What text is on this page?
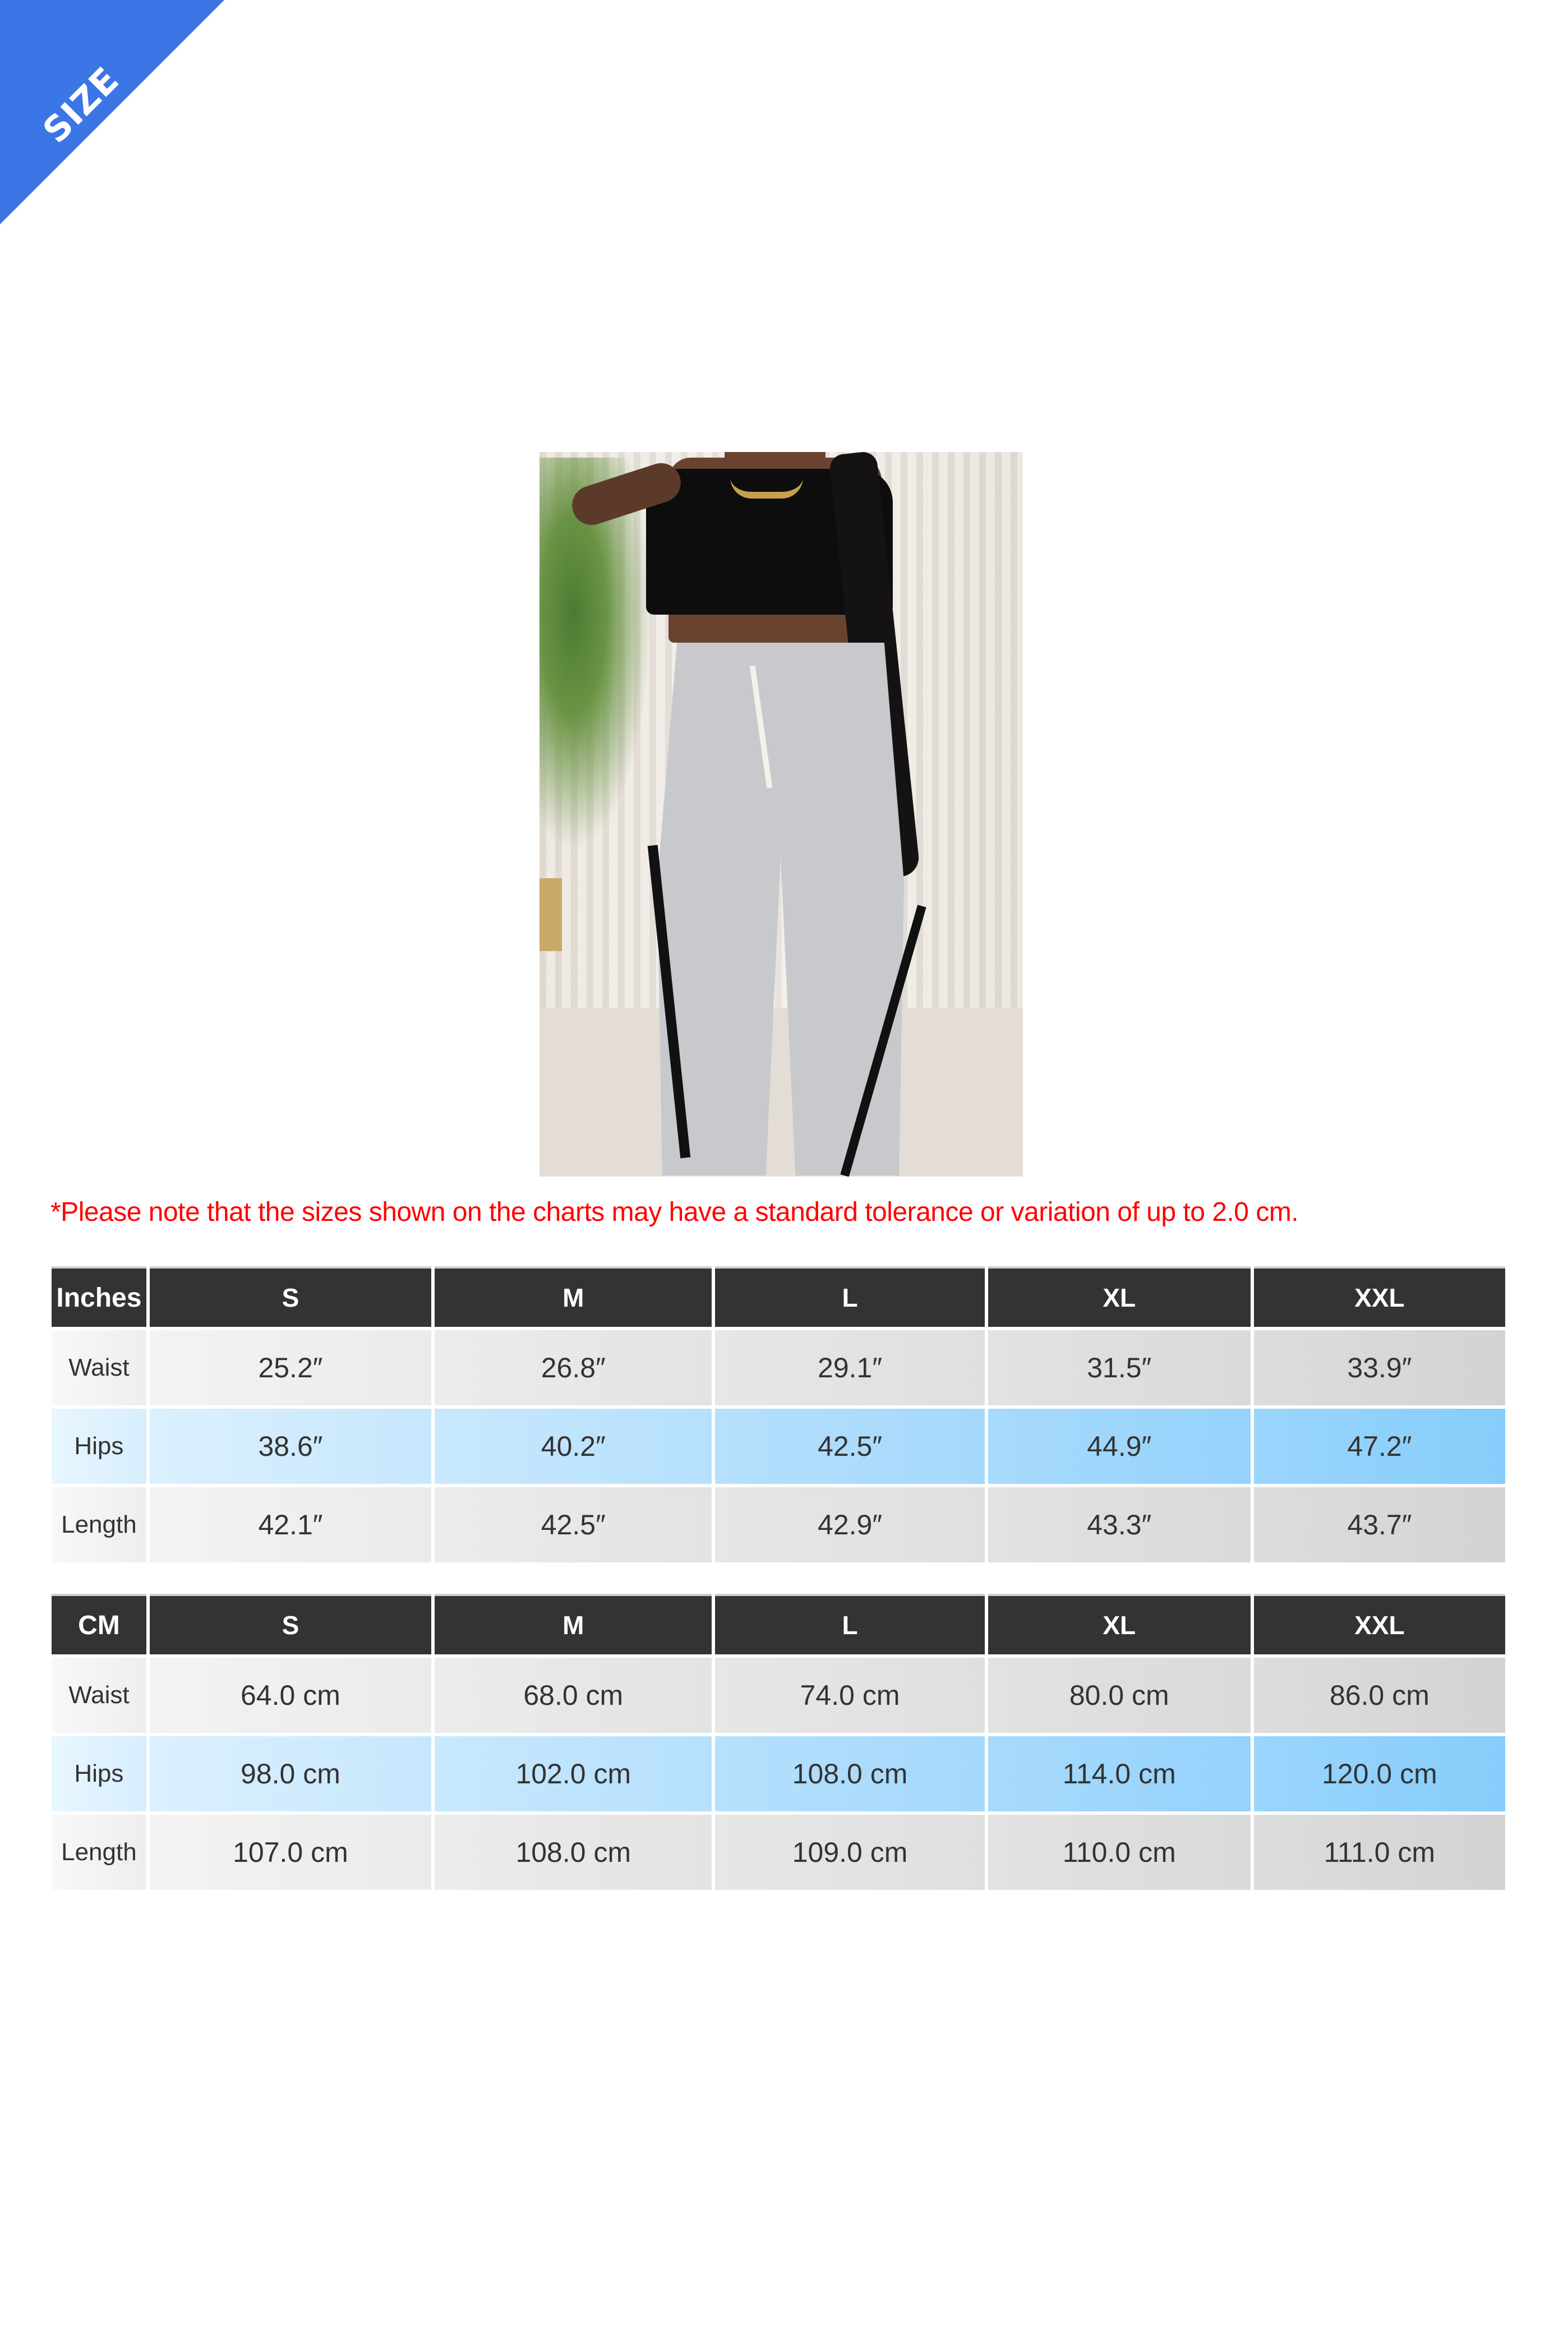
SIZE CHART
*Please note that the sizes shown on the charts may have a standard tolerance or variation of up to 2.0 cm.
Inches	S	M	L	XL	XXL
Waist	25.2″	26.8″	29.1″	31.5″	33.9″
Hips	38.6″	40.2″	42.5″	44.9″	47.2″
Length	42.1″	42.5″	42.9″	43.3″	43.7″
CM	S	M	L	XL	XXL
Waist	64.0 cm	68.0 cm	74.0 cm	80.0 cm	86.0 cm
Hips	98.0 cm	102.0 cm	108.0 cm	114.0 cm	120.0 cm
Length	107.0 cm	108.0 cm	109.0 cm	110.0 cm	111.0 cm
